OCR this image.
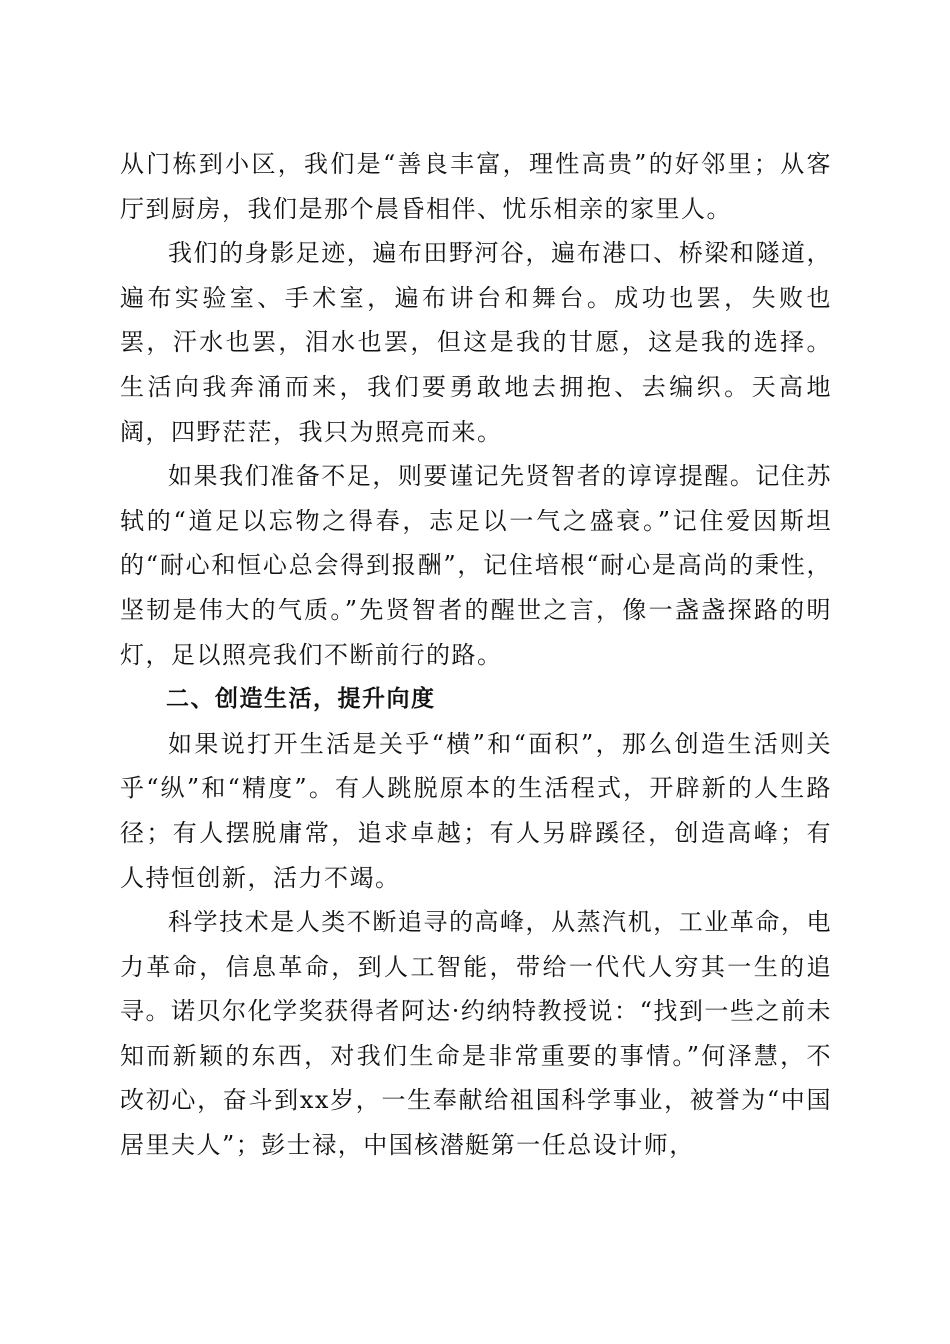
从门栋到小区，我们是“善良丰富，理性高贵”的好邻里；从客厅到厨房，我们是那个晨昏相伴、忧乐相亲的家里人。

我们的身影足迹，遍布田野河谷，遍布港口、桥梁和隧道，遍布实验室、手术室，遍布讲台和舞台。成功也罢，失败也罢，汗水也罢，泪水也罢，但这是我的甘愿，这是我的选择。生活向我奔涌而来，我们要勇敢地去拥抱、去编织。天高地阔，四野茫茫，我只为照亮而来。

如果我们准备不足，则要谨记先贤智者的谆谆提醒。记住苏轼的“道足以忘物之得春，志足以一气之盛衰。”记住爱因斯坦的“耐心和恒心总会得到报酬”，记住培根“耐心是高尚的秉性，坚韧是伟大的气质。”先贤智者的醒世之言，像一盏盏探路的明灯，足以照亮我们不断前行的路。

二、创造生活，提升向度

如果说打开生活是关乎“横”和“面积”，那么创造生活则关乎“纵”和“精度”。有人跳脱原本的生活程式，开辟新的人生路径；有人摆脱庸常，追求卓越；有人另辟蹊径，创造高峰；有人持恒创新，活力不竭。

科学技术是人类不断追寻的高峰，从蒸汽机，工业革命，电力革命，信息革命，到人工智能，带给一代代人穷其一生的追寻。诺贝尔化学奖获得者阿达·约纳特教授说：“找到一些之前未知而新颖的东西，对我们生命是非常重要的事情。”何泽慧，不改初心，奋斗到xx岁，一生奉献给祖国科学事业，被誉为“中国居里夫人”；彭士禄，中国核潜艇第一任总设计师，
